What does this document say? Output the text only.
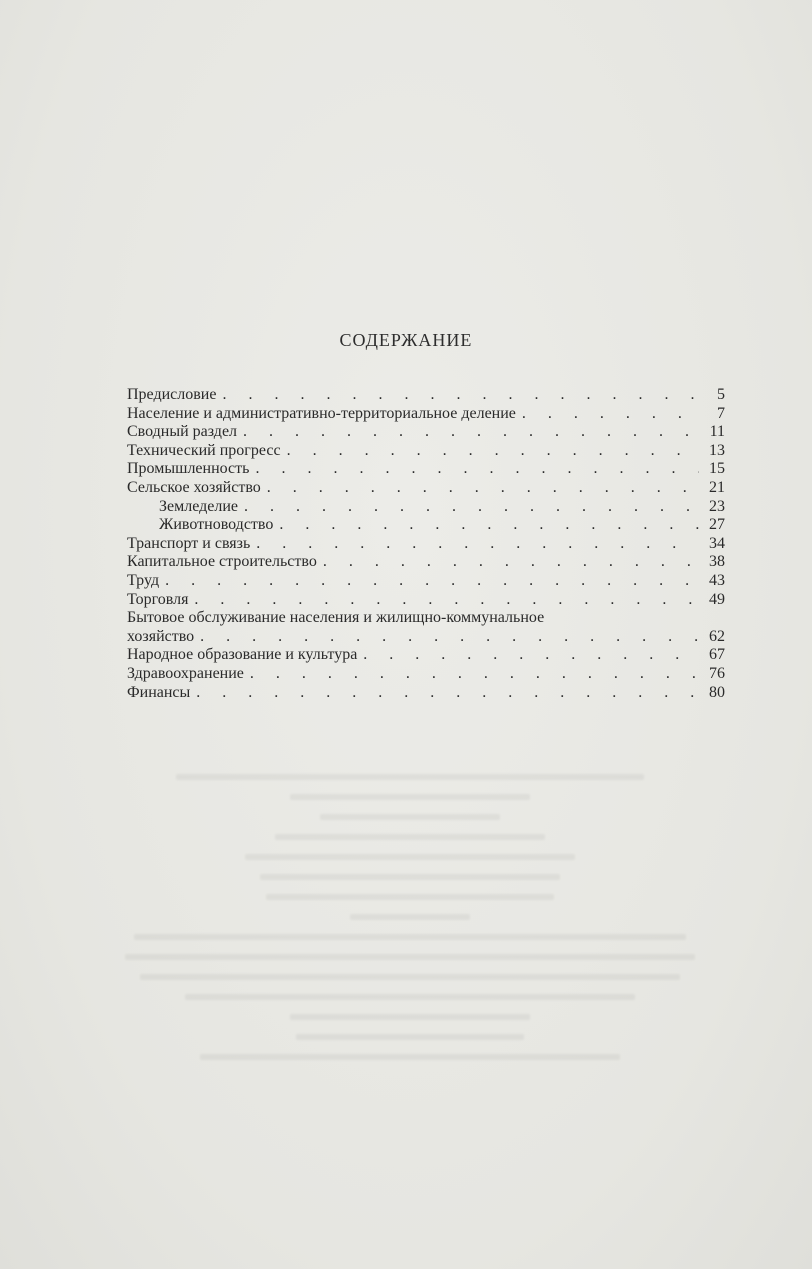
СОДЕРЖАНИЕ
Предисловие . . .	5
Население и административно-территориальное деление . . .	7
Сводный раздел . . .	11
Технический прогресс . . .	13
Промышленность . . .	15
Сельское хозяйство . . .	21
Земледелие . . .	23
Животноводство . . .	27
Транспорт и связь . . .	34
Капитальное строительство . . .	38
Труд . . .	43
Торговля . . .	49
Бытовое обслуживание населения и жилищно-коммунальное
хозяйство . . .	62
Народное образование и культура . . .	67
Здравоохранение . . .	76
Финансы . . .	80
